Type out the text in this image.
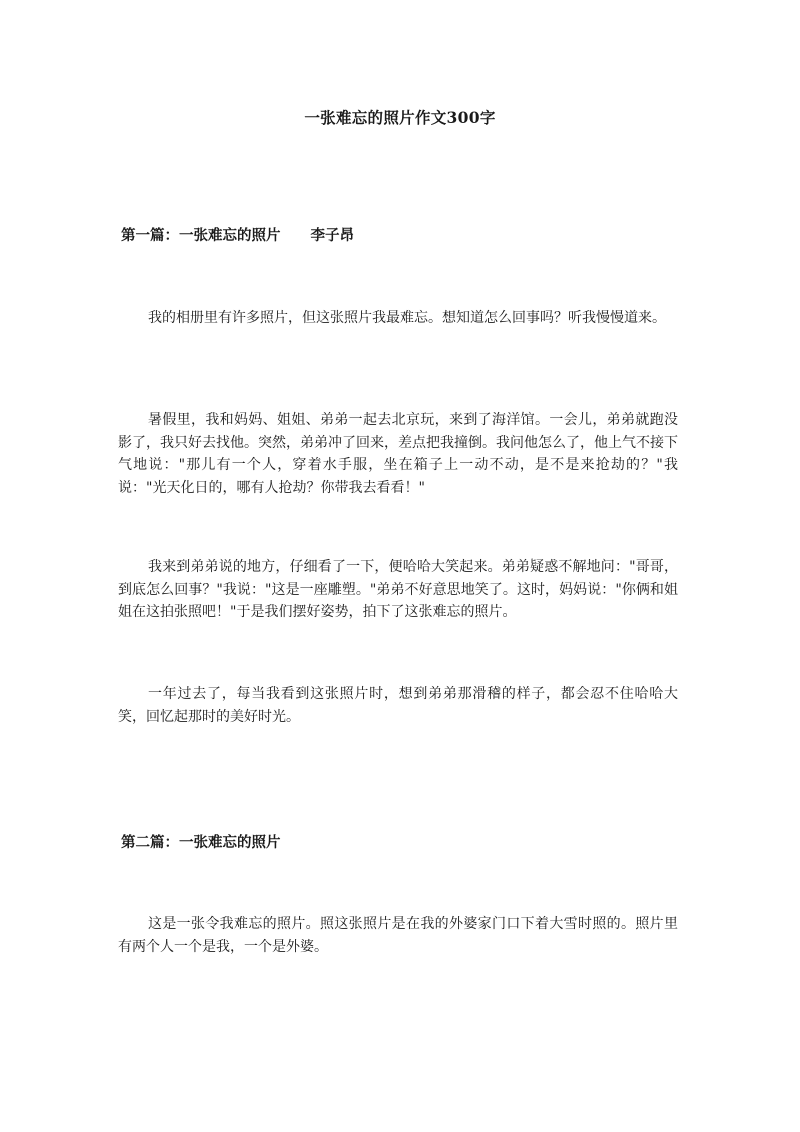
一张难忘的照片作文300字
第一篇：一张难忘的照片 李子昂

我的相册里有许多照片，但这张照片我最难忘。想知道怎么回事吗？听我慢慢道来。

暑假里，我和妈妈、姐姐、弟弟一起去北京玩，来到了海洋馆。一会儿，弟弟就跑没影了，我只好去找他。突然，弟弟冲了回来，差点把我撞倒。我问他怎么了，他上气不接下气地说："那儿有一个人，穿着水手服，坐在箱子上一动不动，是不是来抢劫的？"我说："光天化日的，哪有人抢劫？你带我去看看！"

我来到弟弟说的地方，仔细看了一下，便哈哈大笑起来。弟弟疑惑不解地问："哥哥，到底怎么回事？"我说："这是一座雕塑。"弟弟不好意思地笑了。这时，妈妈说："你俩和姐姐在这拍张照吧！"于是我们摆好姿势，拍下了这张难忘的照片。

一年过去了，每当我看到这张照片时，想到弟弟那滑稽的样子，都会忍不住哈哈大笑，回忆起那时的美好时光。

第二篇：一张难忘的照片

这是一张令我难忘的照片。照这张照片是在我的外婆家门口下着大雪时照的。照片里有两个人一个是我，一个是外婆。
